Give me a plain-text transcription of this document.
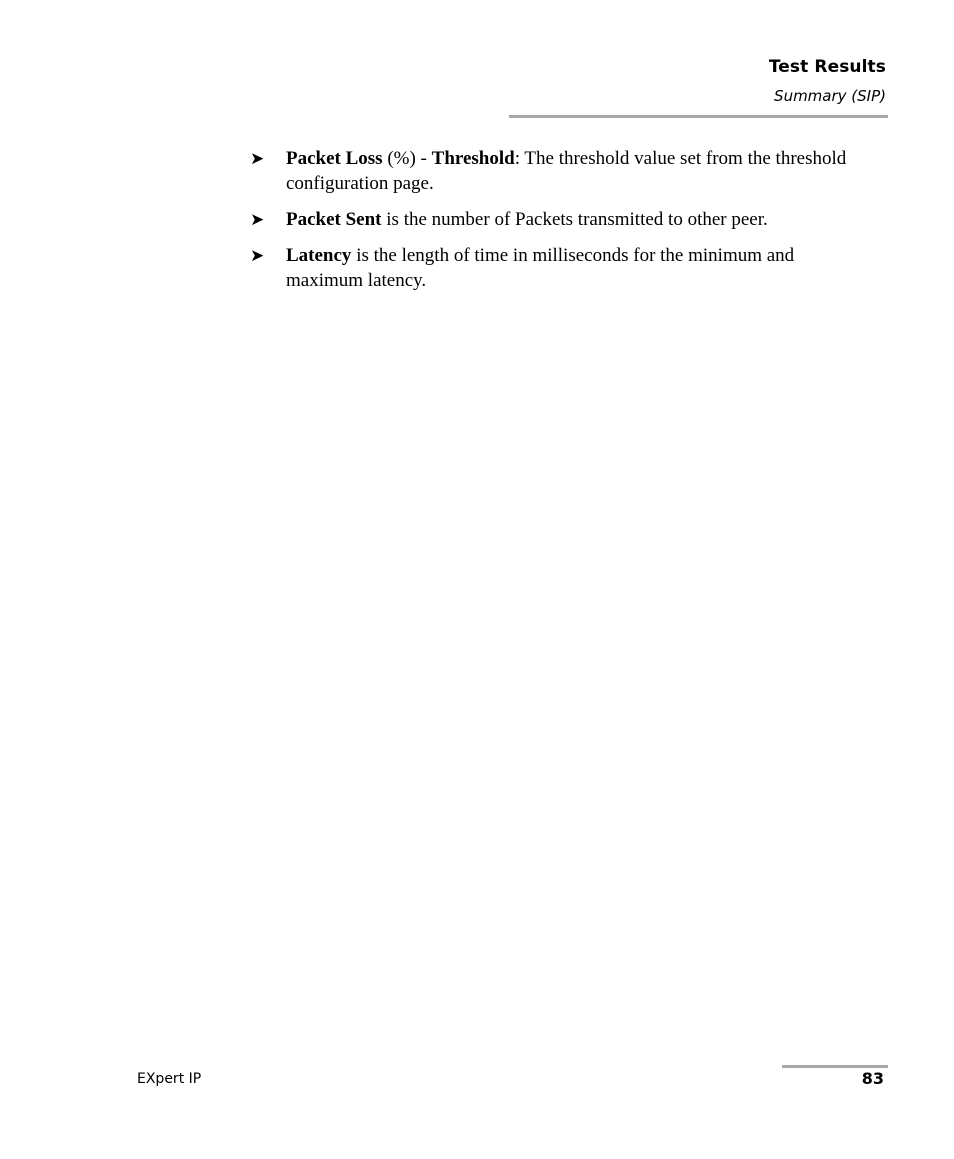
Test Results
Summary (SIP)
➤ Packet Loss (%) - Threshold: The threshold value set from the threshold configuration page.
➤ Packet Sent is the number of Packets transmitted to other peer.
➤ Latency is the length of time in milliseconds for the minimum and maximum latency.
EXpert IP	83
